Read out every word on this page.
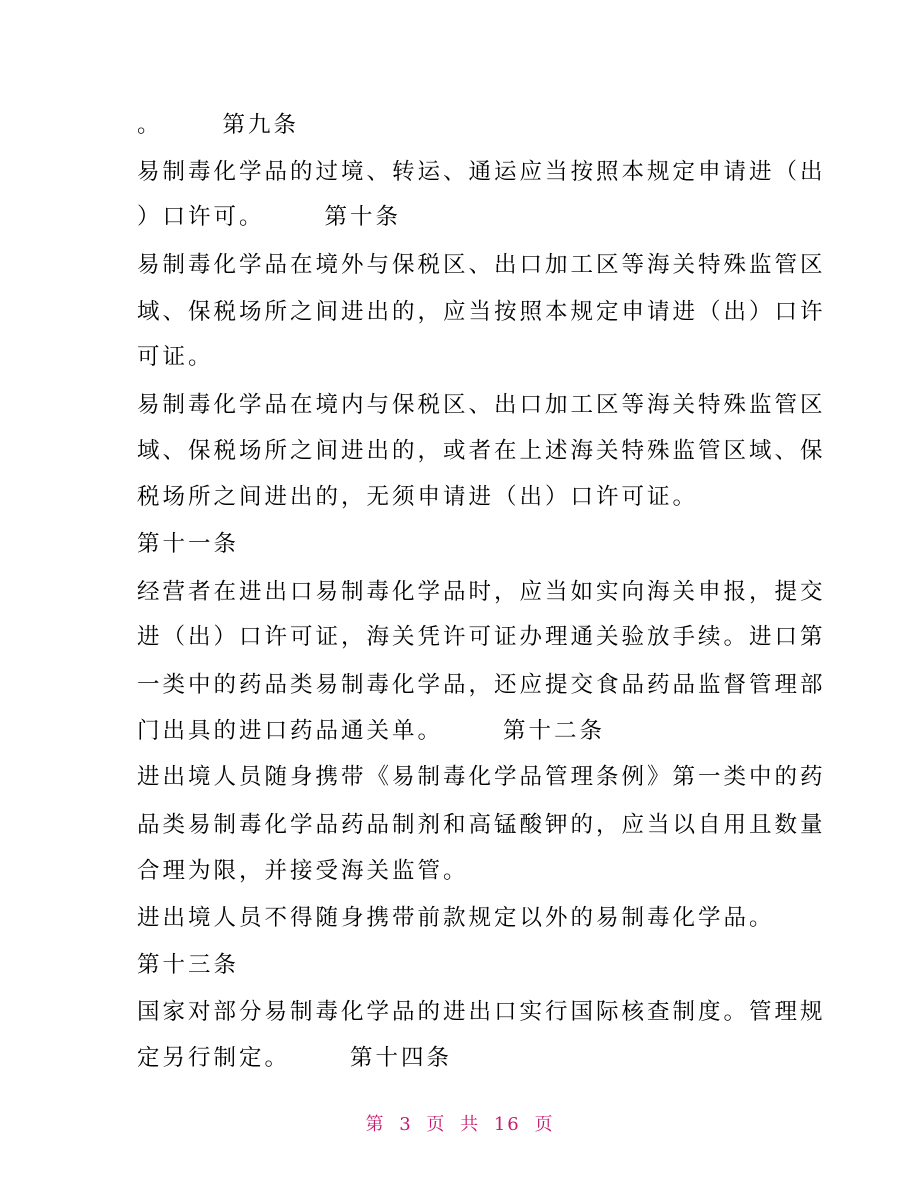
。	第九条
易制毒化学品的过境、转运、通运应当按照本规定申请进（出
）口许可。	第十条
易制毒化学品在境外与保税区、出口加工区等海关特殊监管区
域、保税场所之间进出的，应当按照本规定申请进（出）口许
可证。
易制毒化学品在境内与保税区、出口加工区等海关特殊监管区
域、保税场所之间进出的，或者在上述海关特殊监管区域、保
税场所之间进出的，无须申请进（出）口许可证。
第十一条
经营者在进出口易制毒化学品时，应当如实向海关申报，提交
进（出）口许可证，海关凭许可证办理通关验放手续。进口第
一类中的药品类易制毒化学品，还应提交食品药品监督管理部
门出具的进口药品通关单。	第十二条
进出境人员随身携带《易制毒化学品管理条例》第一类中的药
品类易制毒化学品药品制剂和高锰酸钾的，应当以自用且数量
合理为限，并接受海关监管。
进出境人员不得随身携带前款规定以外的易制毒化学品。
第十三条
国家对部分易制毒化学品的进出口实行国际核查制度。管理规
定另行制定。	第十四条
第 3 页 共 16 页
